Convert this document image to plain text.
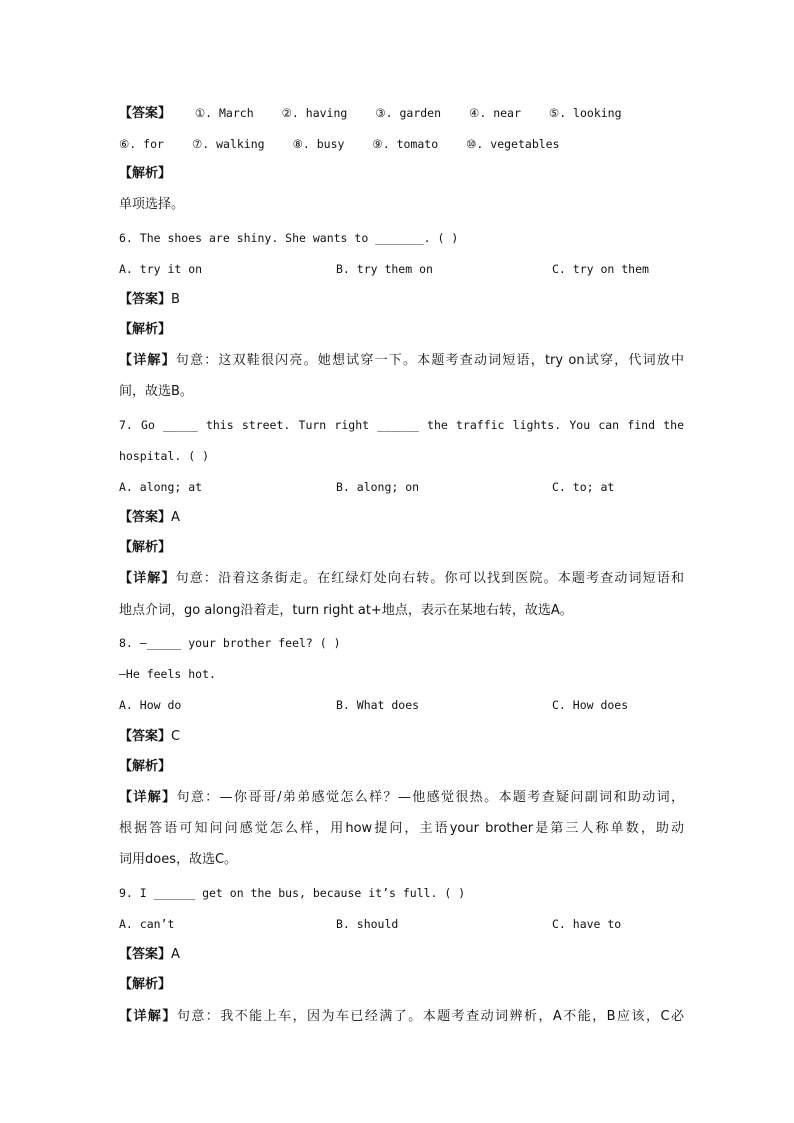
【答案】 ①. March ②. having ③. garden ④. near ⑤. looking
⑥. for ⑦. walking ⑧. busy ⑨. tomato ⑩. vegetables
【解析】
单项选择。
6. The shoes are shiny. She wants to _______. ( )
A. try it on	B. try them on	C. try on them
【答案】B
【解析】
【详解】句意：这双鞋很闪亮。她想试穿一下。本题考查动词短语，try on试穿，代词放中
间，故选B。
7. Go _____ this street. Turn right ______ the traffic lights. You can find the
hospital. ( )
A. along; at	B. along; on	C. to; at
【答案】A
【解析】
【详解】句意：沿着这条街走。在红绿灯处向右转。你可以找到医院。本题考查动词短语和
地点介词，go along沿着走，turn right at+地点，表示在某地右转，故选A。
8. —_____ your brother feel? ( )
—He feels hot.
A. How do	B. What does	C. How does
【答案】C
【解析】
【详解】句意：—你哥哥/弟弟感觉怎么样？—他感觉很热。本题考查疑问副词和助动词，
根据答语可知问问感觉怎么样，用how提问，主语your brother是第三人称单数，助动
词用does，故选C。
9. I ______ get on the bus, because it’s full. ( )
A. can’t	B. should	C. have to
【答案】A
【解析】
【详解】句意：我不能上车，因为车已经满了。本题考查动词辨析，A不能，B应该，C必
